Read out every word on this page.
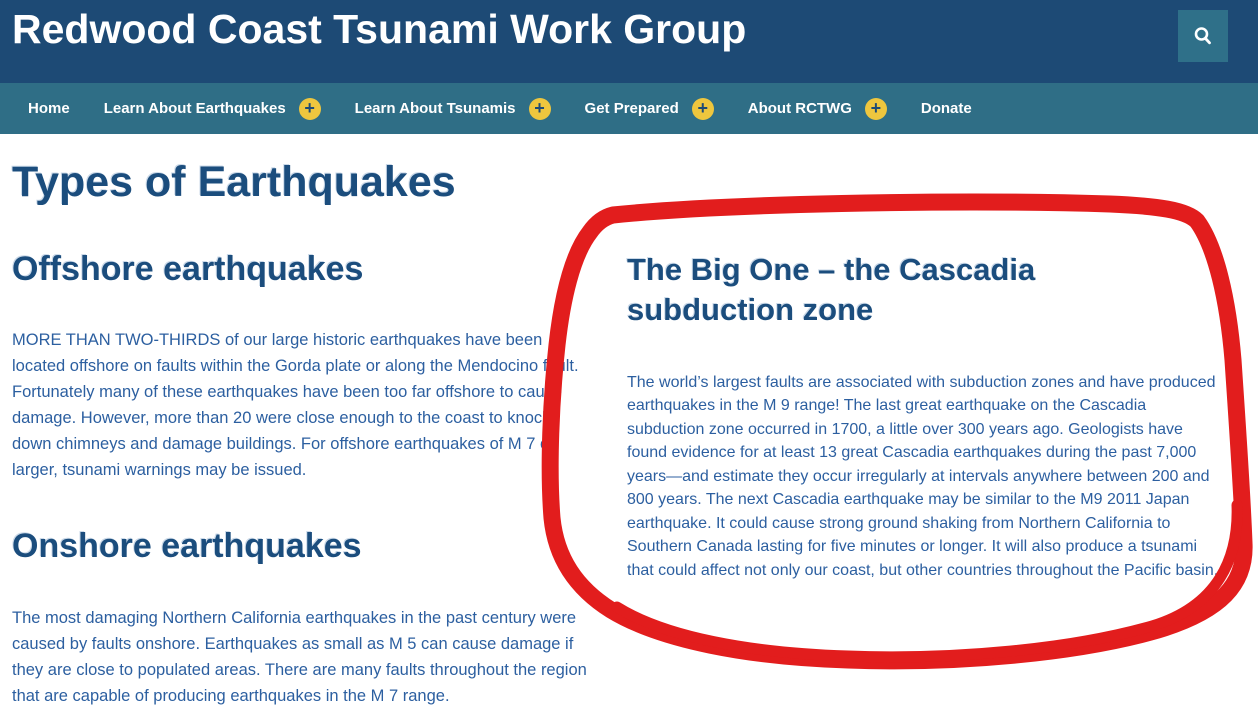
Redwood Coast Tsunami Work Group
Home Learn About Earthquakes	+	Learn About Tsunamis	+	Get Prepared	+	About RCTWG	+	Donate
Types of Earthquakes
Offshore earthquakes

MORE THAN TWO-THIRDS of our large historic earthquakes have been located offshore on faults within the Gorda plate or along the Mendocino fault. Fortunately many of these earthquakes have been too far offshore to cause damage. However, more than 20 were close enough to the coast to knock down chimneys and damage buildings. For offshore earthquakes of M 7 or larger, tsunami warnings may be issued.

Onshore earthquakes

The most damaging Northern California earthquakes in the past century were caused by faults onshore. Earthquakes as small as M 5 can cause damage if they are close to populated areas. There are many faults throughout the region that are capable of producing earthquakes in the M 7 range.

The Big One – the Cascadia subduction zone

The world’s largest faults are associated with subduction zones and have produced earthquakes in the M 9 range! The last great earthquake on the Cascadia subduction zone occurred in 1700, a little over 300 years ago. Geologists have found evidence for at least 13 great Cascadia earthquakes during the past 7,000 years—and estimate they occur irregularly at intervals anywhere between 200 and 800 years. The next Cascadia earthquake may be similar to the M9 2011 Japan earthquake. It could cause strong ground shaking from Northern California to Southern Canada lasting for five minutes or longer. It will also produce a tsunami that could affect not only our coast, but other countries throughout the Pacific basin.
